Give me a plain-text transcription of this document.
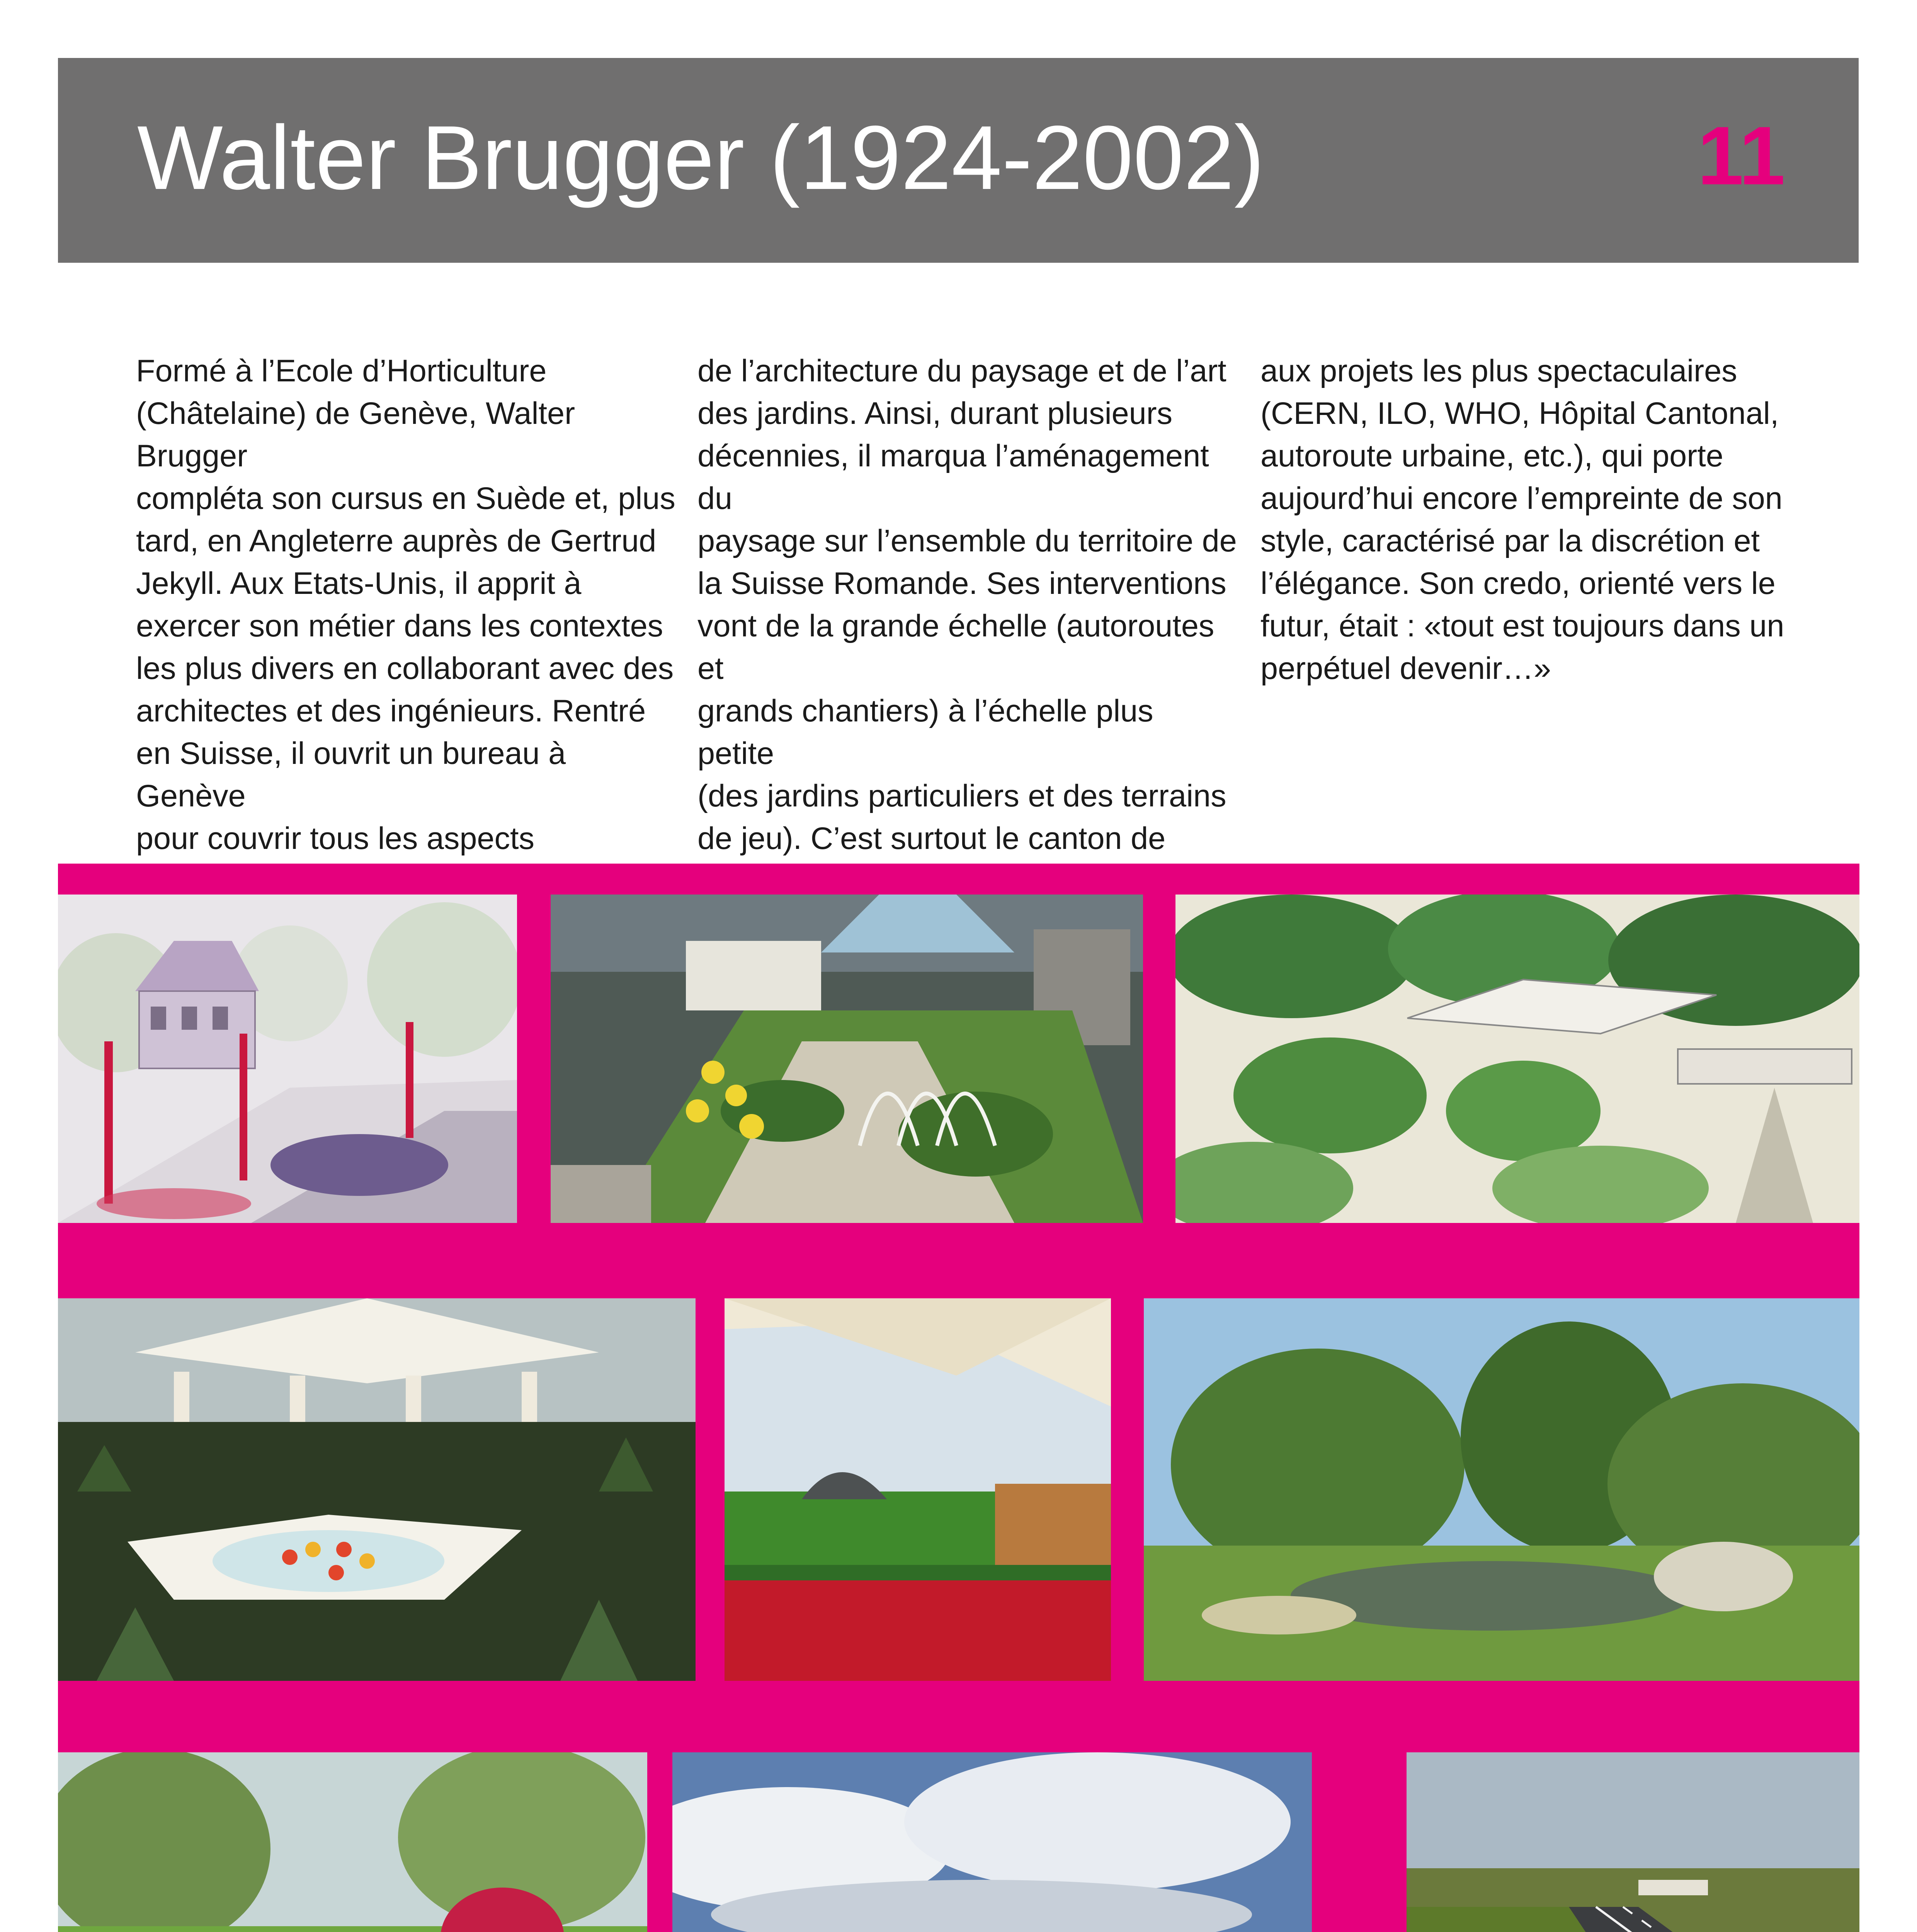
Walter Brugger (1924-2002)	11
Formé à l’Ecole d’Horticulture
(Châtelaine) de Genève, Walter Brugger
compléta son cursus en Suède et, plus
tard, en Angleterre auprès de Gertrud
Jekyll. Aux Etats-Unis, il apprit à
exercer son métier dans les contextes
les plus divers en collaborant avec des
architectes et des ingénieurs. Rentré
en Suisse, il ouvrit un bureau à Genève
pour couvrir tous les aspects
de l’architecture du paysage et de l’art
des jardins. Ainsi, durant plusieurs
décennies, il marqua l’aménagement du
paysage sur l’ensemble du territoire de
la Suisse Romande. Ses interventions
vont de la grande échelle (autoroutes et
grands chantiers) à l’échelle plus petite
(des jardins particuliers et des terrains
de jeu). C’est surtout le canton de
aux projets les plus spectaculaires
(CERN, ILO, WHO, Hôpital Cantonal,
autoroute urbaine, etc.), qui porte
aujourd’hui encore l’empreinte de son
style, caractérisé par la discrétion et
l’élégance. Son credo, orienté vers le
futur, était : «tout est toujours dans un
perpétuel devenir…»
